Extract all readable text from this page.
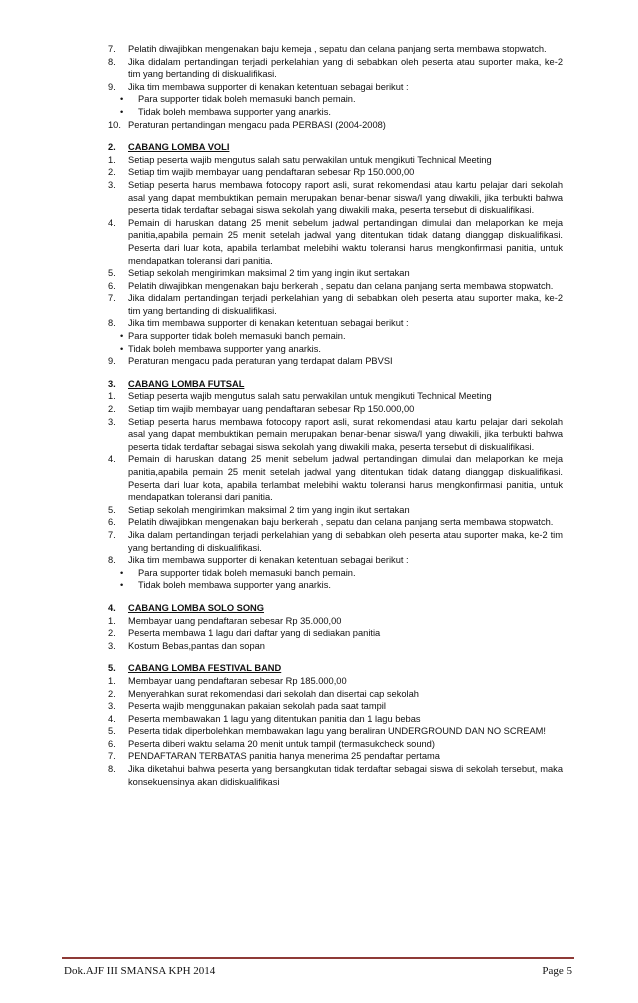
7.	Pelatih diwajibkan mengenakan baju kemeja , sepatu dan celana panjang serta membawa stopwatch.
8.	Jika didalam pertandingan terjadi perkelahian yang di sebabkan oleh peserta atau suporter maka, ke-2 tim yang bertanding di diskualifikasi.
9.	Jika tim membawa supporter di kenakan ketentuan sebagai berikut :
• Para supporter tidak boleh memasuki banch pemain.
• Tidak boleh membawa supporter yang anarkis.
10. Peraturan pertandingan mengacu pada PERBASI (2004-2008)
2. CABANG LOMBA VOLI
1.	Setiap peserta wajib mengutus salah satu perwakilan untuk mengikuti Technical Meeting
2.	Setiap tim wajib membayar uang pendaftaran sebesar Rp 150.000,00
3.	Setiap peserta harus membawa fotocopy raport asli, surat rekomendasi atau kartu pelajar dari sekolah asal yang dapat membuktikan pemain merupakan benar-benar siswa/I yang diwakili, jika terbukti bahwa peserta tidak terdaftar sebagai siswa sekolah yang diwakili maka, peserta tersebut di diskualifikasi.
4.	Pemain di haruskan datang 25 menit sebelum jadwal pertandingan dimulai dan melaporkan ke meja panitia,apabila pemain 25 menit setelah jadwal yang ditentukan tidak datang dianggap diskualifikasi. Peserta dari luar kota, apabila terlambat melebihi waktu toleransi harus mengkonfirmasi panitia, untuk mendapatkan toleransi dari panitia.
5.	Setiap sekolah mengirimkan maksimal 2 tim yang ingin ikut sertakan
6.	Pelatih diwajibkan mengenakan baju berkerah , sepatu dan celana panjang serta membawa stopwatch.
7.	Jika didalam pertandingan terjadi perkelahian yang di sebabkan oleh peserta atau suporter maka, ke-2 tim yang bertanding di diskualifikasi.
8.	Jika tim membawa supporter di kenakan ketentuan sebagai berikut :
• Para supporter tidak boleh memasuki banch pemain.
• Tidak boleh membawa supporter yang anarkis.
9.	Peraturan mengacu pada peraturan yang terdapat dalam PBVSI
3. CABANG LOMBA FUTSAL
1.	Setiap peserta wajib mengutus salah satu perwakilan untuk mengikuti Technical Meeting
2.	Setiap tim wajib membayar uang pendaftaran sebesar Rp 150.000,00
3.	Setiap peserta harus membawa fotocopy raport asli, surat rekomendasi atau kartu pelajar dari sekolah asal yang dapat membuktikan pemain merupakan benar-benar siswa/I yang diwakili, jika terbukti bahwa peserta tidak terdaftar sebagai siswa sekolah yang diwakili maka, peserta tersebut di diskualifikasi.
4.	Pemain di haruskan datang 25 menit sebelum jadwal pertandingan dimulai dan melaporkan ke meja panitia,apabila pemain 25 menit setelah jadwal yang ditentukan tidak datang dianggap diskualifikasi. Peserta dari luar kota, apabila terlambat melebihi waktu toleransi harus mengkonfirmasi panitia, untuk mendapatkan toleransi dari panitia.
5.	Setiap sekolah mengirimkan maksimal 2 tim yang ingin ikut sertakan
6.	Pelatih diwajibkan mengenakan baju berkerah , sepatu dan celana panjang serta membawa stopwatch.
7.	Jika dalam pertandingan terjadi perkelahian yang di sebabkan oleh peserta atau suporter maka, ke-2 tim yang bertanding di diskualifikasi.
8.	Jika tim membawa supporter di kenakan ketentuan sebagai berikut :
• Para supporter tidak boleh memasuki banch pemain.
• Tidak boleh membawa supporter yang anarkis.
4. CABANG LOMBA SOLO SONG
1.	Membayar uang pendaftaran sebesar Rp 35.000,00
2.	Peserta membawa 1 lagu dari daftar yang di sediakan panitia
3.	Kostum Bebas,pantas dan sopan
5. CABANG LOMBA FESTIVAL BAND
1.	Membayar uang pendaftaran sebesar Rp 185.000,00
2.	Menyerahkan surat rekomendasi dari sekolah dan disertai cap sekolah
3.	Peserta wajib menggunakan pakaian sekolah pada saat tampil
4.	Peserta membawakan 1 lagu yang ditentukan panitia dan 1 lagu bebas
5.	Peserta tidak diperbolehkan membawakan lagu yang beraliran UNDERGROUND DAN NO SCREAM!
6.	Peserta diberi waktu selama 20 menit untuk tampil (termasukcheck sound)
7.	PENDAFTARAN TERBATAS panitia hanya menerima 25 pendaftar pertama
8.	Jika diketahui bahwa peserta yang bersangkutan tidak terdaftar sebagai siswa di sekolah tersebut, maka konsekuensinya akan didiskualifikasi
Dok.AJF III SMANSA KPH 2014	Page 5
